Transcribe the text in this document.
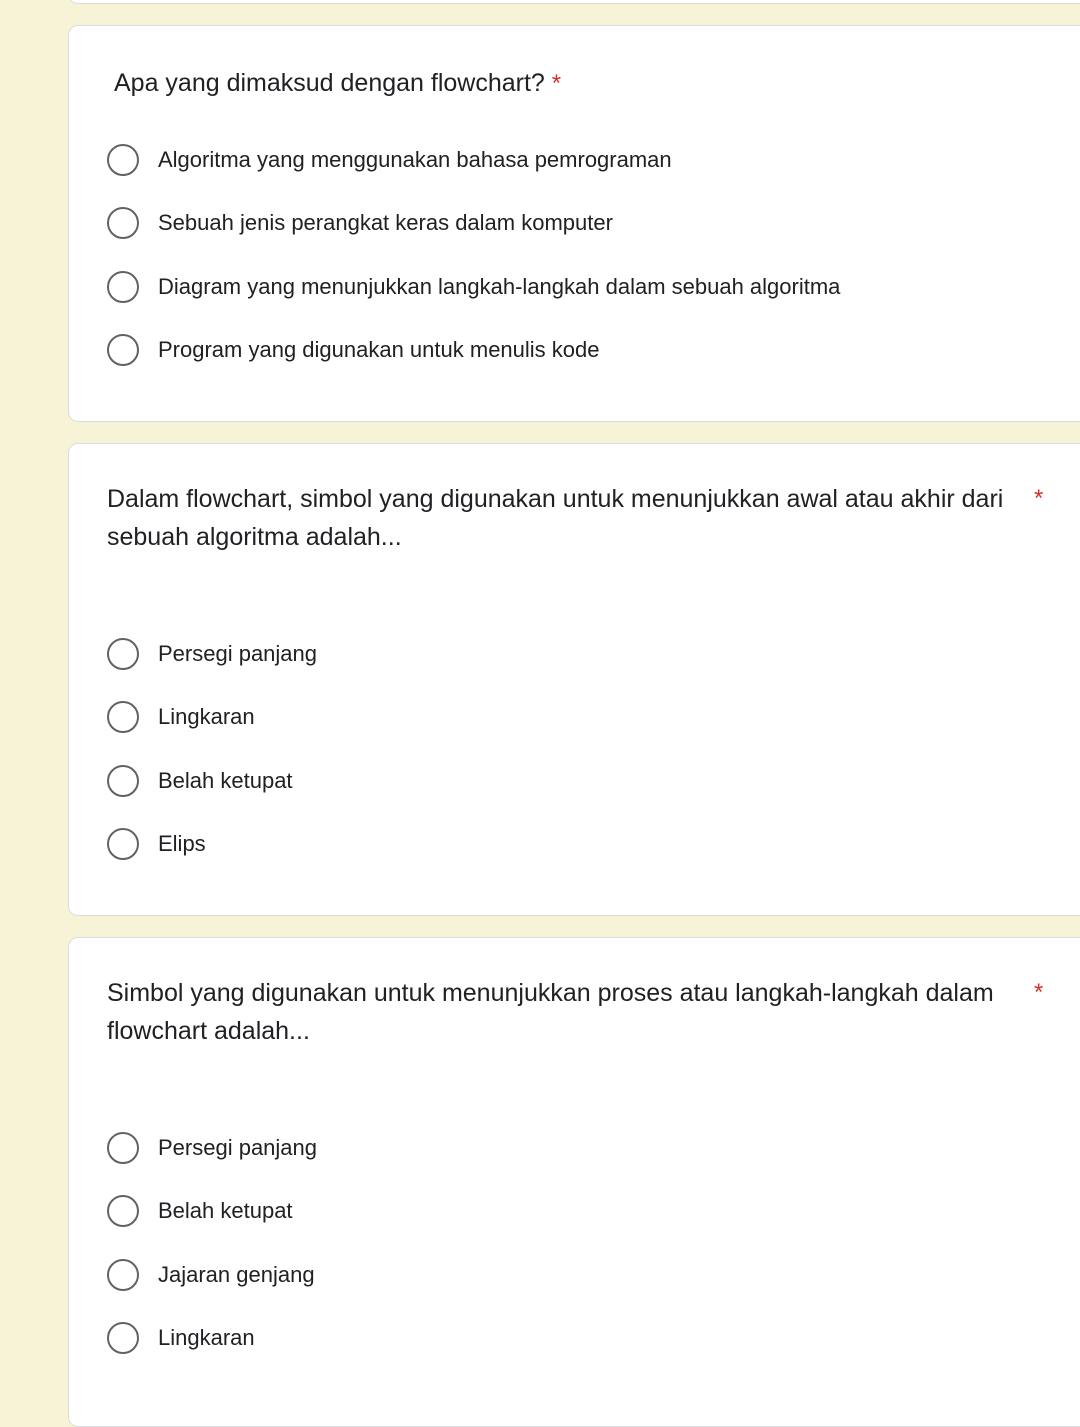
Apa yang dimaksud dengan flowchart? *
Algoritma yang menggunakan bahasa pemrograman
Sebuah jenis perangkat keras dalam komputer
Diagram yang menunjukkan langkah-langkah dalam sebuah algoritma
Program yang digunakan untuk menulis kode
Dalam flowchart, simbol yang digunakan untuk menunjukkan awal atau akhir dari sebuah algoritma adalah...
*
Persegi panjang
Lingkaran
Belah ketupat
Elips
Simbol yang digunakan untuk menunjukkan proses atau langkah-langkah dalam flowchart adalah...
*
Persegi panjang
Belah ketupat
Jajaran genjang
Lingkaran
